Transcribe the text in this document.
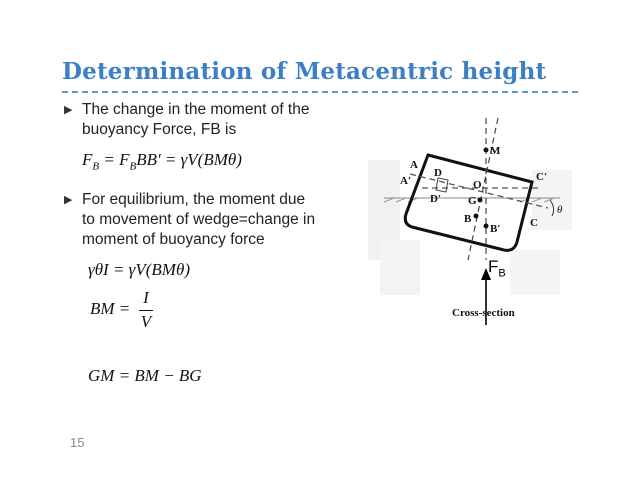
Determination of Metacentric height
▶ The change in the moment of the
buoyancy Force, FB is
$F_B = F_BBB' = \gamma V(BM\theta)$
▶ For equilibrium, the moment due
to movement of wedge=change in
moment of buoyancy force
γθI = γV(BMθ)
BM =
I
V
GM = BM − BG
M
A
A′
D
D′
O
G
B
B′
C′
C
θ
Cross-section
$F_B$
15
